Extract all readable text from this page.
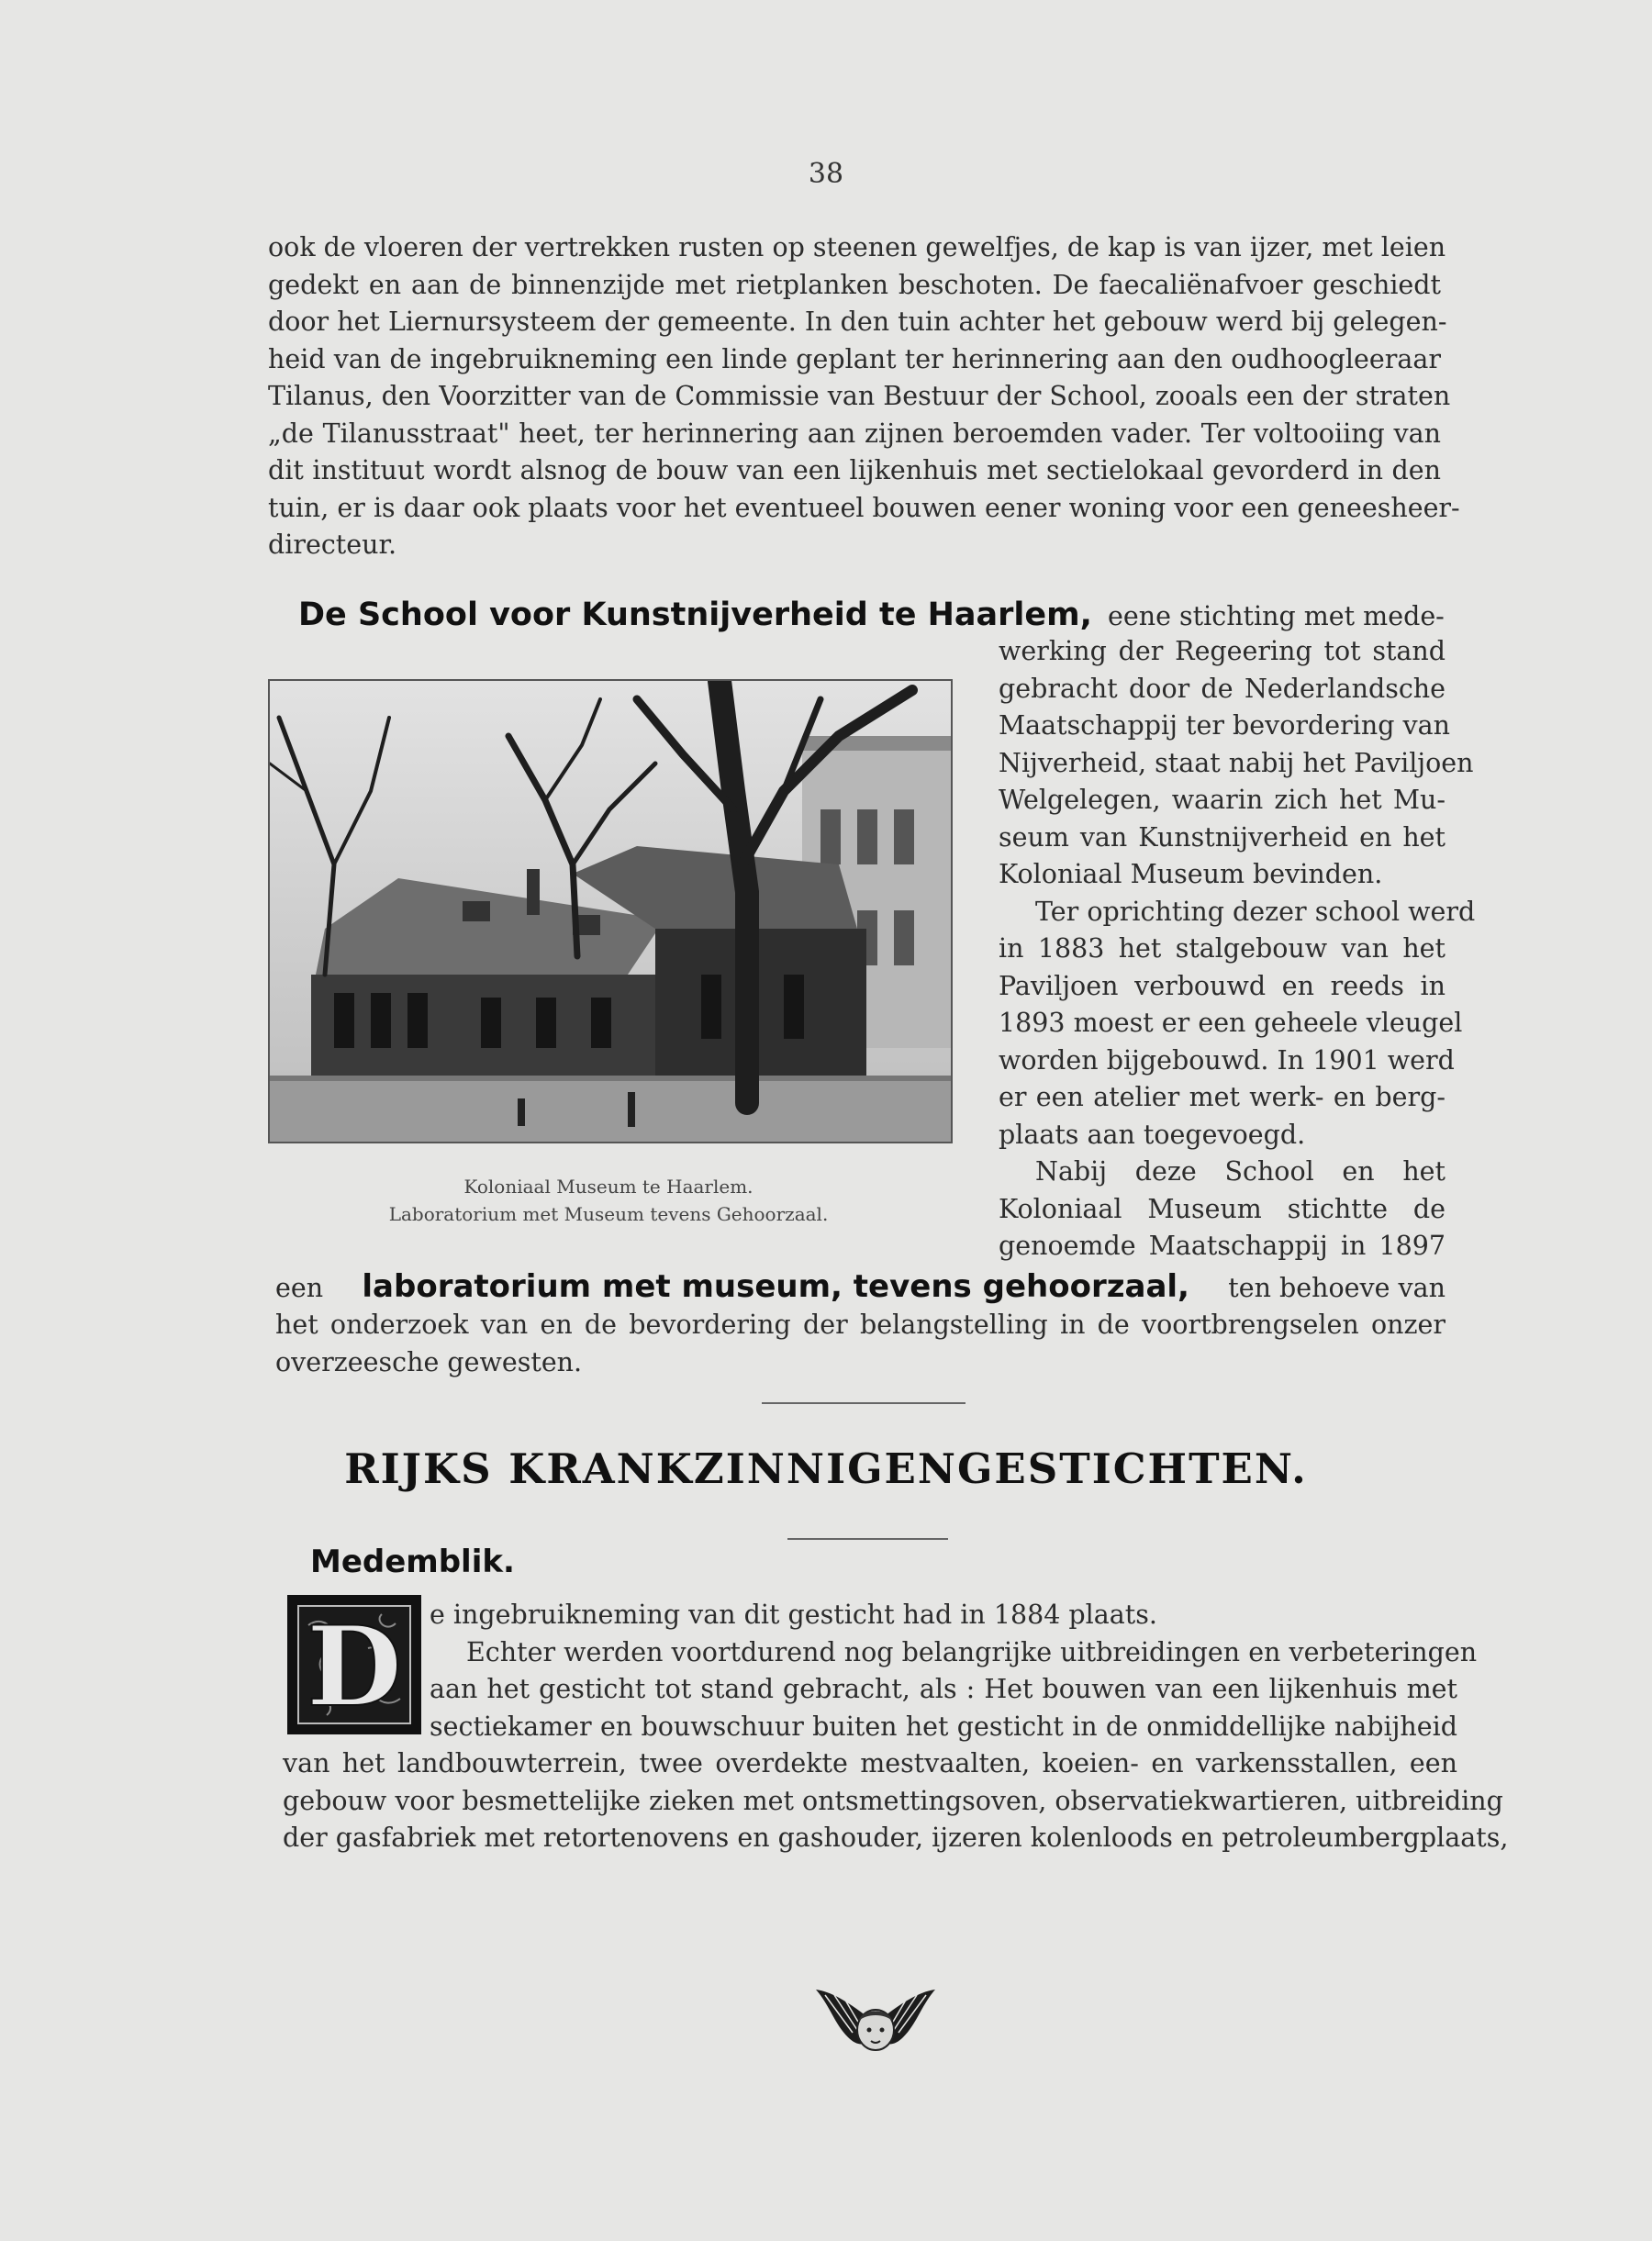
38
ook de vloeren der vertrekken rusten op steenen gewelfjes, de kap is van ijzer, met leien
gedekt en aan de binnenzijde met rietplanken beschoten. De faecaliënafvoer geschiedt
door het Liernursysteem der gemeente. In den tuin achter het gebouw werd bij gelegen-
heid van de ingebruikneming een linde geplant ter herinnering aan den oudhoogleeraar
Tilanus, den Voorzitter van de Commissie van Bestuur der School, zooals een der straten
„de Tilanusstraat" heet, ter herinnering aan zijnen beroemden vader. Ter voltooiing van
dit instituut wordt alsnog de bouw van een lijkenhuis met sectielokaal gevorderd in den
tuin, er is daar ook plaats voor het eventueel bouwen eener woning voor een geneesheer-
directeur.
De School voor Kunstnijverheid te Haarlem, eene stichting met mede-
Koloniaal Museum te Haarlem.
Laboratorium met Museum tevens Gehoorzaal.
werking der Regeering tot stand
gebracht door de Nederlandsche
Maatschappij ter bevordering van
Nijverheid, staat nabij het Paviljoen
Welgelegen, waarin zich het Mu-
seum van Kunstnijverheid en het
Koloniaal Museum bevinden.
Ter oprichting dezer school werd
in 1883 het stalgebouw van het
Paviljoen verbouwd en reeds in
1893 moest er een geheele vleugel
worden bijgebouwd. In 1901 werd
er een atelier met werk- en berg-
plaats aan toegevoegd.
Nabij deze School en het
Koloniaal Museum stichtte de
genoemde Maatschappij in 1897
een laboratorium met museum, tevens gehoorzaal, ten behoeve van
het onderzoek van en de bevordering der belangstelling in de voortbrengselen onzer
overzeesche gewesten.
RIJKS KRANKZINNIGENGESTICHTEN.
Medemblik.
D e ingebruikneming van dit gesticht had in 1884 plaats.
Echter werden voortdurend nog belangrijke uitbreidingen en verbeteringen
aan het gesticht tot stand gebracht, als : Het bouwen van een lijkenhuis met
sectiekamer en bouwschuur buiten het gesticht in de onmiddellijke nabijheid
van het landbouwterrein, twee overdekte mestvaalten, koeien- en varkensstallen, een
gebouw voor besmettelijke zieken met ontsmettingsoven, observatiekwartieren, uitbreiding
der gasfabriek met retortenovens en gashouder, ijzeren kolenloods en petroleumbergplaats,
